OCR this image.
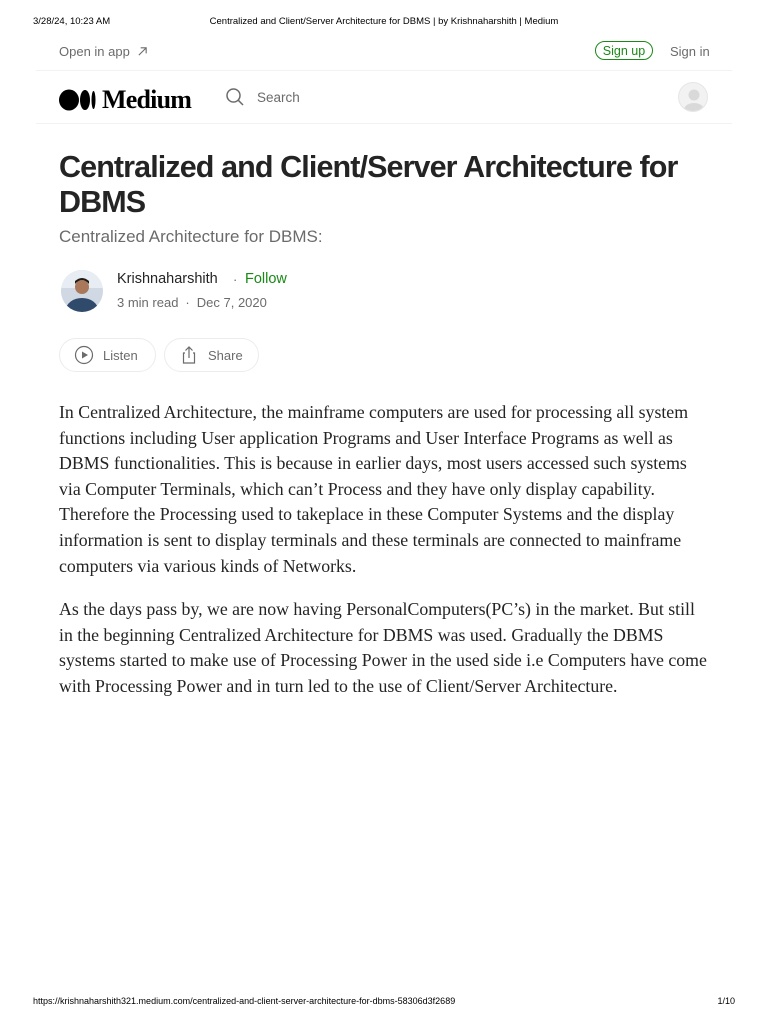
3/28/24, 10:23 AM	Centralized and Client/Server Architecture for DBMS | by Krishnaharshith | Medium
Open in app	Sign up	Sign in
Medium	Search
Centralized and Client/Server Architecture for DBMS
Centralized Architecture for DBMS:
Krishnaharshith · Follow
3 min read · Dec 7, 2020
Listen	Share

In Centralized Architecture, the mainframe computers are used for processing all system functions including User application Programs and User Interface Programs as well as DBMS functionalities. This is because in earlier days, most users accessed such systems via Computer Terminals, which can’t Process and they have only display capability. Therefore the Processing used to takeplace in these Computer Systems and the display information is sent to display terminals and these terminals are connected to mainframe computers via various kinds of Networks.

As the days pass by, we are now having PersonalComputers(PC’s) in the market. But still in the beginning Centralized Architecture for DBMS was used. Gradually the DBMS systems started to make use of Processing Power in the used side i.e Computers have come with Processing Power and in turn led to the use of Client/Server Architecture.

https://krishnaharshith321.medium.com/centralized-and-client-server-architecture-for-dbms-58306d3f2689	1/10
